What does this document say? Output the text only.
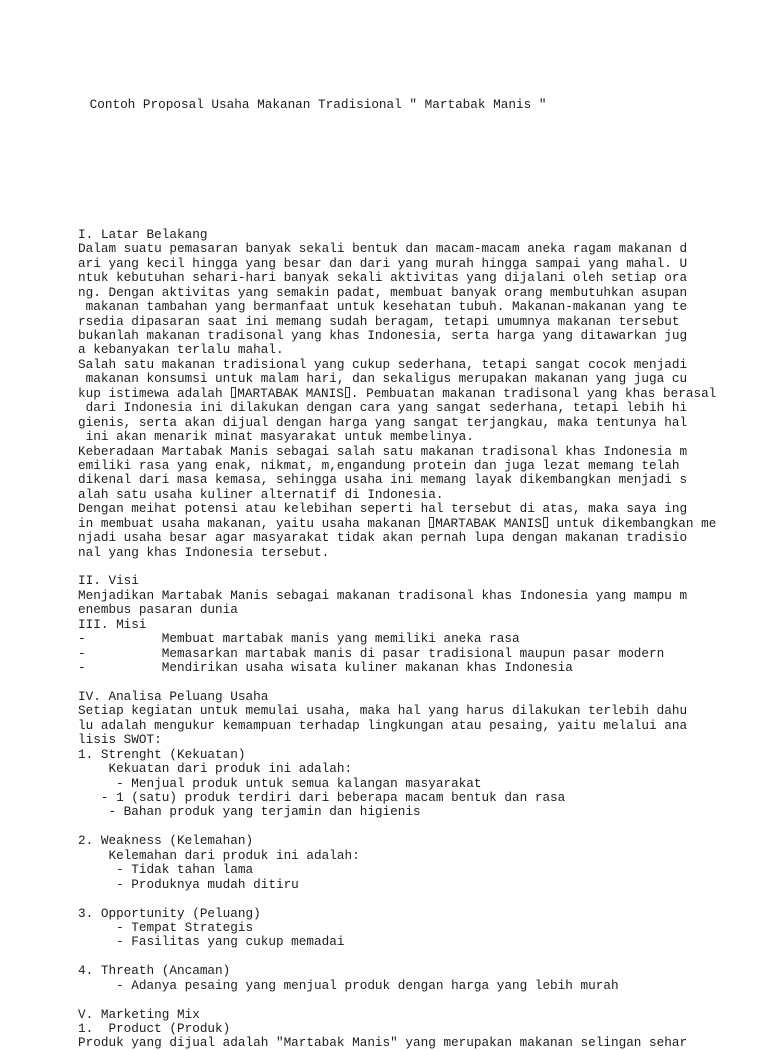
Contoh Proposal Usaha Makanan Tradisional " Martabak Manis "

I. Latar Belakang
Dalam suatu pemasaran banyak sekali bentuk dan macam-macam aneka ragam makanan d
ari yang kecil hingga yang besar dan dari yang murah hingga sampai yang mahal. U
ntuk kebutuhan sehari-hari banyak sekali aktivitas yang dijalani oleh setiap ora
ng. Dengan aktivitas yang semakin padat, membuat banyak orang membutuhkan asupan
makanan tambahan yang bermanfaat untuk kesehatan tubuh. Makanan-makanan yang te
rsedia dipasaran saat ini memang sudah beragam, tetapi umumnya makanan tersebut
bukanlah makanan tradisonal yang khas Indonesia, serta harga yang ditawarkan jug
a kebanyakan terlalu mahal.
Salah satu makanan tradisional yang cukup sederhana, tetapi sangat cocok menjadi
makanan konsumsi untuk malam hari, dan sekaligus merupakan makanan yang juga cu
kup istimewa adalah MARTABAK MANIS . Pembuatan makanan tradisonal yang khas berasal
dari Indonesia ini dilakukan dengan cara yang sangat sederhana, tetapi lebih hi
gienis, serta akan dijual dengan harga yang sangat terjangkau, maka tentunya hal
ini akan menarik minat masyarakat untuk membelinya.
Keberadaan Martabak Manis sebagai salah satu makanan tradisonal khas Indonesia m
emiliki rasa yang enak, nikmat, m,engandung protein dan juga lezat memang telah
dikenal dari masa kemasa, sehingga usaha ini memang layak dikembangkan menjadi s
alah satu usaha kuliner alternatif di Indonesia.
Dengan meihat potensi atau kelebihan seperti hal tersebut di atas, maka saya ing
in membuat usaha makanan, yaitu usaha makanan MARTABAK MANIS untuk dikembangkan me
njadi usaha besar agar masyarakat tidak akan pernah lupa dengan makanan tradisio
nal yang khas Indonesia tersebut.
II. Visi
Menjadikan Martabak Manis sebagai makanan tradisonal khas Indonesia yang mampu m
enembus pasaran dunia
III. Misi
-          Membuat martabak manis yang memiliki aneka rasa
-          Memasarkan martabak manis di pasar tradisional maupun pasar modern
-          Mendirikan usaha wisata kuliner makanan khas Indonesia
IV. Analisa Peluang Usaha
Setiap kegiatan untuk memulai usaha, maka hal yang harus dilakukan terlebih dahu
lu adalah mengukur kemampuan terhadap lingkungan atau pesaing, yaitu melalui ana
lisis SWOT:
1. Strenght (Kekuatan)
Kekuatan dari produk ini adalah:
- Menjual produk untuk semua kalangan masyarakat
- 1 (satu) produk terdiri dari beberapa macam bentuk dan rasa
- Bahan produk yang terjamin dan higienis
2. Weakness (Kelemahan)
Kelemahan dari produk ini adalah:
- Tidak tahan lama
- Produknya mudah ditiru
3. Opportunity (Peluang)
- Tempat Strategis
- Fasilitas yang cukup memadai
4. Threath (Ancaman)
- Adanya pesaing yang menjual produk dengan harga yang lebih murah
V. Marketing Mix
1.  Product (Produk)
Produk yang dijual adalah "Martabak Manis" yang merupakan makanan selingan sehar
